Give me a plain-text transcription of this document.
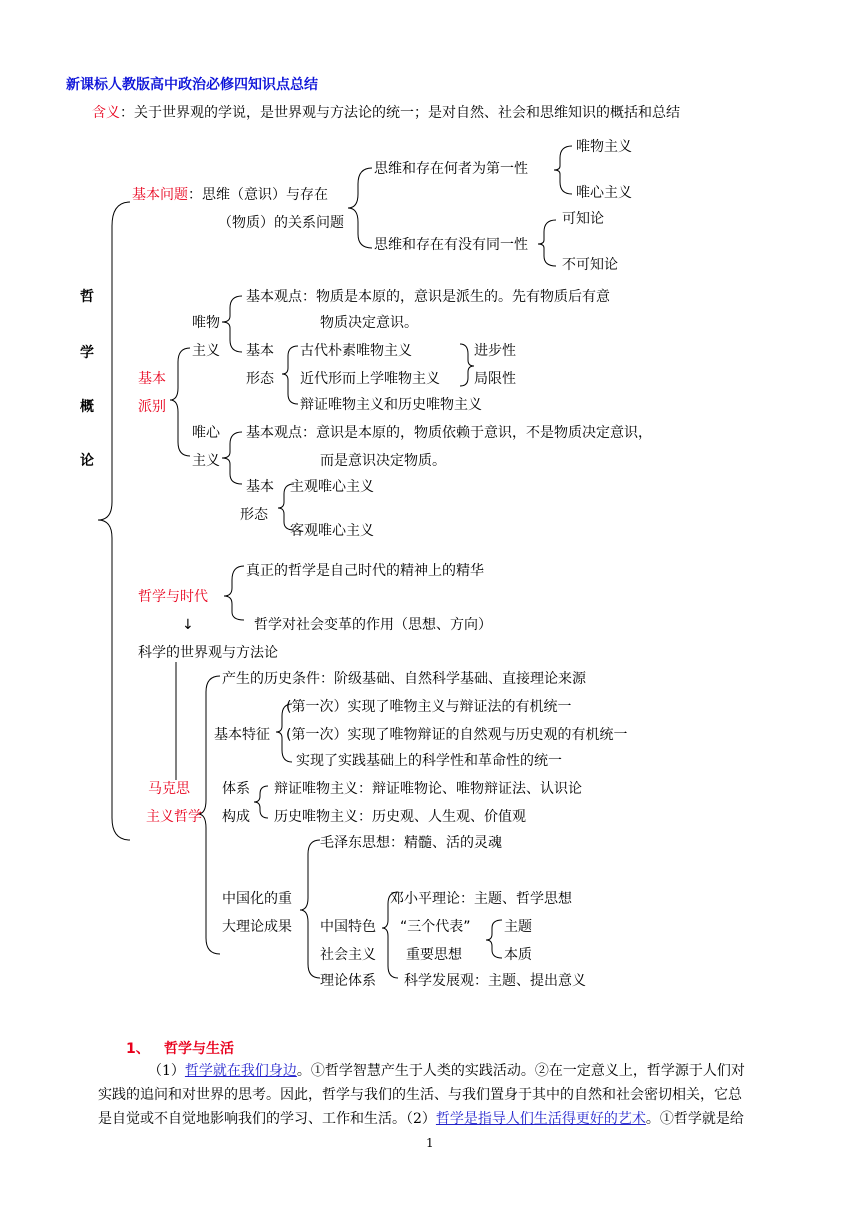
新课标人教版高中政治必修四知识点总结
含义：关于世界观的学说，是世界观与方法论的统一；是对自然、社会和思维知识的概括和总结
哲
学
概
论
基本问题：思维（意识）与存在
（物质）的关系问题
思维和存在何者为第一性
唯物主义
唯心主义
思维和存在有没有同一性
可知论
不可知论
基本
派别
唯物
主义
基本观点：物质是本原的，意识是派生的。先有物质后有意
物质决定意识。
基本
形态
古代朴素唯物主义
近代形而上学唯物主义
辩证唯物主义和历史唯物主义
进步性
局限性
唯心
主义
基本观点：意识是本原的，物质依赖于意识，不是物质决定意识，
而是意识决定物质。
基本
形态
主观唯心主义
客观唯心主义
哲学与时代
真正的哲学是自己时代的精神上的精华
哲学对社会变革的作用（思想、方向）
↓
科学的世界观与方法论
马克思
主义哲学
产生的历史条件：阶级基础、自然科学基础、直接理论来源
基本特征
(第一次）实现了唯物主义与辩证法的有机统一
(第一次）实现了唯物辩证的自然观与历史观的有机统一
实现了实践基础上的科学性和革命性的统一
体系
构成
辩证唯物主义：辩证唯物论、唯物辩证法、认识论
历史唯物主义：历史观、人生观、价值观
中国化的重
大理论成果
毛泽东思想：精髓、活的灵魂
中国特色
社会主义
理论体系
邓小平理论：主题、哲学思想
“三个代表”
重要思想
主题
本质
科学发展观：主题、提出意义
1、 哲学与生活
（1）哲学就在我们身边。①哲学智慧产生于人类的实践活动。②在一定意义上，哲学源于人们对
实践的追问和对世界的思考。因此，哲学与我们的生活、与我们置身于其中的自然和社会密切相关，它总
是自觉或不自觉地影响我们的学习、工作和生活。（2）哲学是指导人们生活得更好的艺术。①哲学就是给
1
